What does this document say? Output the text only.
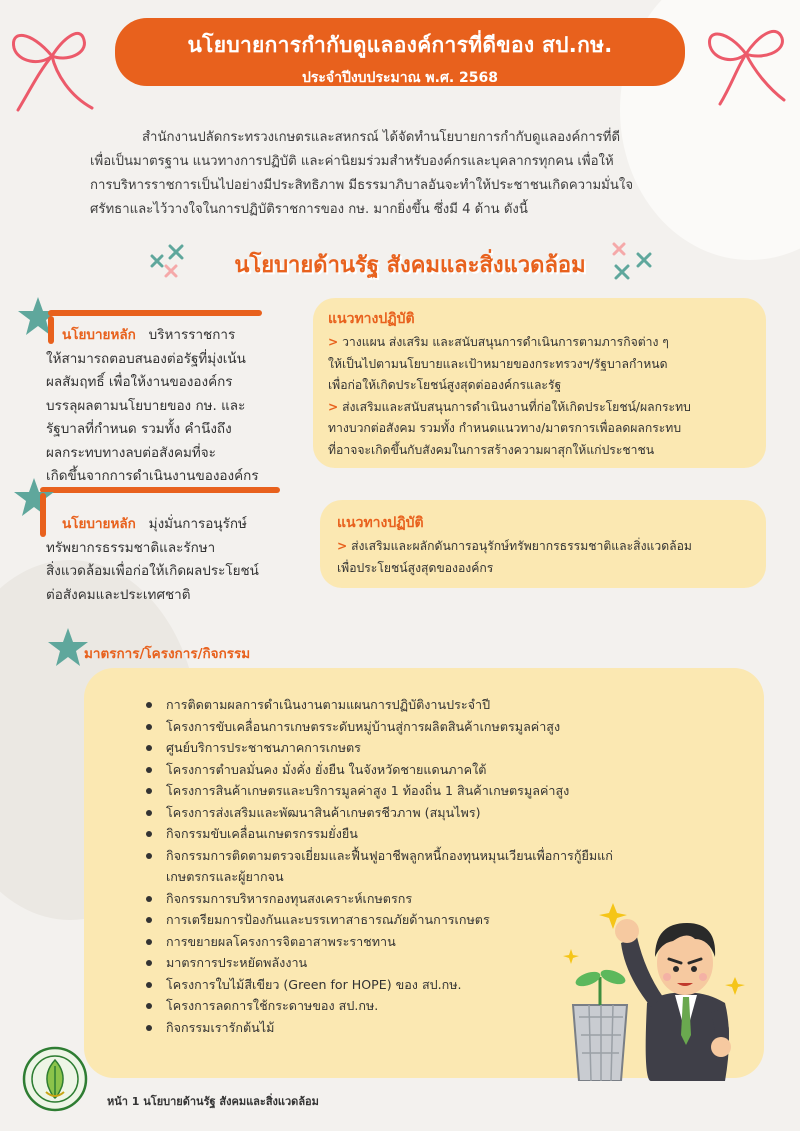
นโยบายการกำกับดูแลองค์การที่ดีของ สป.กษ.
ประจำปีงบประมาณ พ.ศ. 2568
สำนักงานปลัดกระทรวงเกษตรและสหกรณ์ ได้จัดทำนโยบายการกำกับดูแลองค์การที่ดี
เพื่อเป็นมาตรฐาน แนวทางการปฏิบัติ และค่านิยมร่วมสำหรับองค์กรและบุคลากรทุกคน เพื่อให้
การบริหารราชการเป็นไปอย่างมีประสิทธิภาพ มีธรรมาภิบาลอันจะทำให้ประชาชนเกิดความมั่นใจ
ศรัทธาและไว้วางใจในการปฏิบัติราชการของ กษ. มากยิ่งขึ้น ซึ่งมี 4 ด้าน ดังนี้
นโยบายด้านรัฐ สังคมและสิ่งแวดล้อม
นโยบายหลัก บริหารราชการ
ให้สามารถตอบสนองต่อรัฐที่มุ่งเน้น
ผลสัมฤทธิ์ เพื่อให้งานขององค์กร
บรรลุผลตามนโยบายของ กษ. และ
รัฐบาลที่กำหนด รวมทั้ง คำนึงถึง
ผลกระทบทางลบต่อสังคมที่จะ
เกิดขึ้นจากการดำเนินงานขององค์กร
แนวทางปฏิบัติ
> วางแผน ส่งเสริม และสนับสนุนการดำเนินการตามภารกิจต่าง ๆ
ให้เป็นไปตามนโยบายและเป้าหมายของกระทรวงฯ/รัฐบาลกำหนด
เพื่อก่อให้เกิดประโยชน์สูงสุดต่อองค์กรและรัฐ
> ส่งเสริมและสนับสนุนการดำเนินงานที่ก่อให้เกิดประโยชน์/ผลกระทบ
ทางบวกต่อสังคม รวมทั้ง กำหนดแนวทาง/มาตรการเพื่อลดผลกระทบ
ที่อาจจะเกิดขึ้นกับสังคมในการสร้างความผาสุกให้แก่ประชาชน
นโยบายหลัก มุ่งมั่นการอนุรักษ์
ทรัพยากรธรรมชาติและรักษา
สิ่งแวดล้อมเพื่อก่อให้เกิดผลประโยชน์
ต่อสังคมและประเทศชาติ
แนวทางปฏิบัติ
> ส่งเสริมและผลักดันการอนุรักษ์ทรัพยากรธรรมชาติและสิ่งแวดล้อม
เพื่อประโยชน์สูงสุดขององค์กร
มาตรการ/โครงการ/กิจกรรม
การติดตามผลการดำเนินงานตามแผนการปฏิบัติงานประจำปี
โครงการขับเคลื่อนการเกษตรระดับหมู่บ้านสู่การผลิตสินค้าเกษตรมูลค่าสูง
ศูนย์บริการประชาชนภาคการเกษตร
โครงการตำบลมั่นคง มั่งคั่ง ยั่งยืน ในจังหวัดชายแดนภาคใต้
โครงการสินค้าเกษตรและบริการมูลค่าสูง 1 ท้องถิ่น 1 สินค้าเกษตรมูลค่าสูง
โครงการส่งเสริมและพัฒนาสินค้าเกษตรชีวภาพ (สมุนไพร)
กิจกรรมขับเคลื่อนเกษตรกรรมยั่งยืน
กิจกรรมการติดตามตรวจเยี่ยมและฟื้นฟูอาชีพลูกหนี้กองทุนหมุนเวียนเพื่อการกู้ยืมแก่
เกษตรกรและผู้ยากจน
กิจกรรมการบริหารกองทุนสงเคราะห์เกษตรกร
การเตรียมการป้องกันและบรรเทาสาธารณภัยด้านการเกษตร
การขยายผลโครงการจิตอาสาพระราชทาน
มาตรการประหยัดพลังงาน
โครงการใบไม้สีเขียว (Green for HOPE) ของ สป.กษ.
โครงการลดการใช้กระดาษของ สป.กษ.
กิจกรรมเรารักต้นไม้
หน้า 1 นโยบายด้านรัฐ สังคมและสิ่งแวดล้อม
